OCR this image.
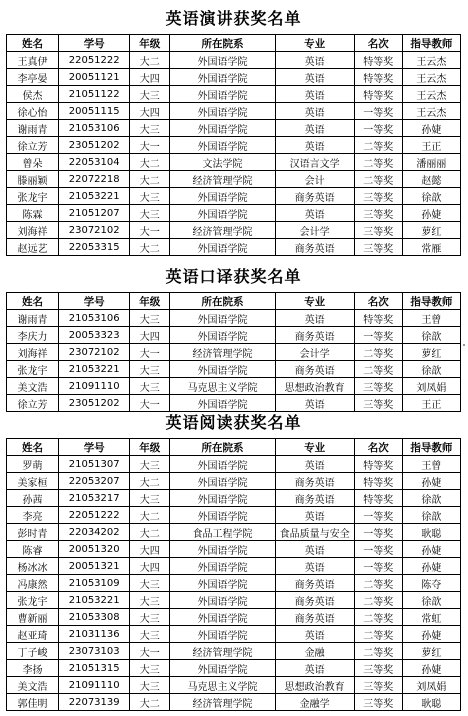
英语演讲获奖名单
姓名	学号	年级	所在院系	专业	名次	指导教师
王真伊	22051222	大二	外国语学院	英语	特等奖	王云杰
李亭晏	20051121	大四	外国语学院	英语	特等奖	王云杰
侯杰	21051122	大三	外国语学院	英语	特等奖	王云杰
徐心怡	20051115	大四	外国语学院	英语	一等奖	王云杰
谢雨青	21053106	大三	外国语学院	英语	一等奖	孙婕
徐立芳	23051202	大一	外国语学院	英语	二等奖	王正
曾朵	22053104	大二	文法学院	汉语言文学	二等奖	潘丽丽
滕丽颖	22072218	大二	经济管理学院	会计	二等奖	赵懿
张龙宇	21053221	大三	外国语学院	商务英语	三等奖	徐歆
陈霖	21051207	大三	外国语学院	英语	三等奖	孙婕
刘海祥	23072102	大一	经济管理学院	会计学	三等奖	萝红
赵远艺	22053315	大二	外国语学院	商务英语	三等奖	常雁
英语口译获奖名单
姓名	学号	年级	所在院系	专业	名次	指导教师
谢雨青	21053106	大三	外国语学院	英语	特等奖	王曾
李庆力	20053323	大四	外国语学院	商务英语	一等奖	徐歆
刘海祥	23072102	大一	经济管理学院	会计学	二等奖	萝红
张龙宇	21053221	大三	外国语学院	商务英语	二等奖	徐歆
美文浩	21091110	大三	马克思主义学院	思想政治教育	三等奖	刘凤娟
徐立芳	23051202	大一	外国语学院	英语	三等奖	王正
英语阅读获奖名单
姓名	学号	年级	所在院系	专业	名次	指导教师
罗萌	21051307	大三	外国语学院	英语	特等奖	王曾
美家桓	22053207	大二	外国语学院	商务英语	特等奖	孙婕
孙茜	21053217	大三	外国语学院	商务英语	特等奖	徐歆
李亮	22051222	大二	外国语学院	英语	一等奖	徐歆
彭时青	22034202	大二	食品工程学院	食品质量与安全	一等奖	耿聪
陈睿	20051320	大四	外国语学院	英语	一等奖	孙婕
杨冰冰	20051321	大四	外国语学院	英语	一等奖	孙婕
冯康然	21053109	大三	外国语学院	商务英语	二等奖	陈夺
张龙宇	21053221	大三	外国语学院	商务英语	二等奖	徐歆
曹新丽	21053308	大三	外国语学院	商务英语	二等奖	常虹
赵亚琦	21031136	大三	外国语学院	英语	二等奖	孙婕
丁子峻	23073103	大一	经济管理学院	金融	二等奖	萝红
李扬	21051315	大三	外国语学院	英语	三等奖	孙婕
美文浩	21091110	大三	马克思主义学院	思想政治教育	三等奖	刘凤娟
郭佳明	22073139	大二	经济管理学院	金融学	三等奖	耿聪
